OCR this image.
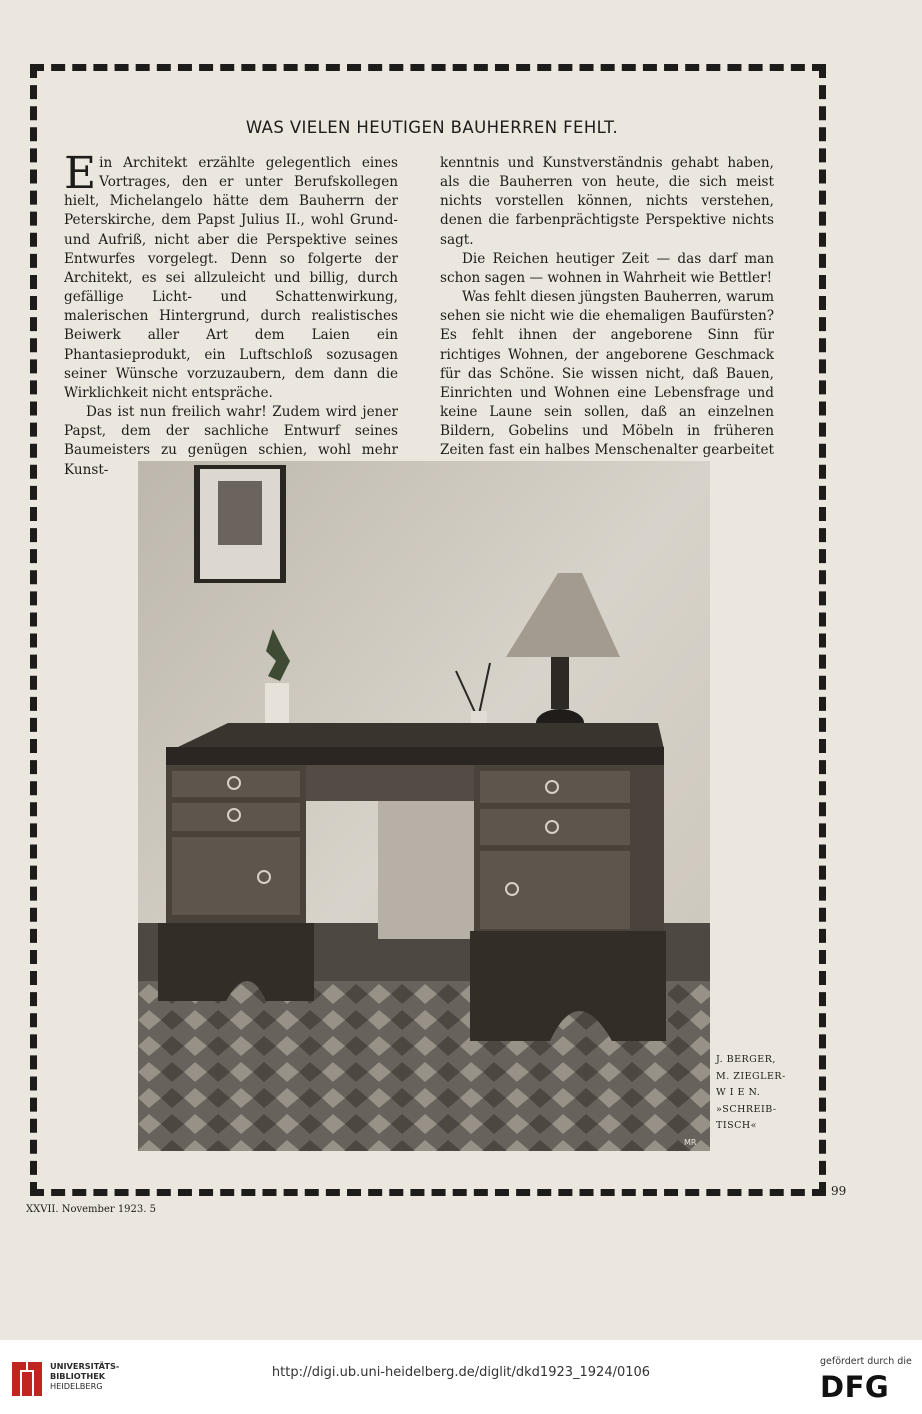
WAS VIELEN HEUTIGEN BAUHERREN FEHLT.

Ein Architekt erzählte gelegentlich eines Vortrages, den er unter Berufskollegen hielt, Michelangelo hätte dem Bauherrn der Peterskirche, dem Papst Julius II., wohl Grund- und Aufriß, nicht aber die Perspektive seines Entwurfes vorgelegt. Denn so folgerte der Architekt, es sei allzuleicht und billig, durch gefällige Licht- und Schattenwirkung, malerischen Hintergrund, durch realistisches Beiwerk aller Art dem Laien ein Phantasieprodukt, ein Luftschloß sozusagen seiner Wünsche vorzuzaubern, dem dann die Wirklichkeit nicht entspräche.

Das ist nun freilich wahr! Zudem wird jener Papst, dem der sachliche Entwurf seines Baumeisters zu genügen schien, wohl mehr Kunst-

kenntnis und Kunstverständnis gehabt haben, als die Bauherren von heute, die sich meist nichts vorstellen können, nichts verstehen, denen die farbenprächtigste Perspektive nichts sagt.

Die Reichen heutiger Zeit — das darf man schon sagen — wohnen in Wahrheit wie Bettler!

Was fehlt diesen jüngsten Bauherren, warum sehen sie nicht wie die ehemaligen Baufürsten? Es fehlt ihnen der angeborene Sinn für richtiges Wohnen, der angeborene Geschmack für das Schöne. Sie wissen nicht, daß Bauen, Einrichten und Wohnen eine Lebensfrage und keine Laune sein sollen, daß an einzelnen Bildern, Gobelins und Möbeln in früheren Zeiten fast ein halbes Menschenalter gearbeitet

MR
J. BERGER,
M. ZIEGLER-
W I E N.
»SCHREIB-
TISCH«
99
XXVII. November 1923. 5
UNIVERSITÄTS-
BIBLIOTHEK
HEIDELBERG
http://digi.ub.uni-heidelberg.de/diglit/dkd1923_1924/0106
gefördert durch die
DFG
